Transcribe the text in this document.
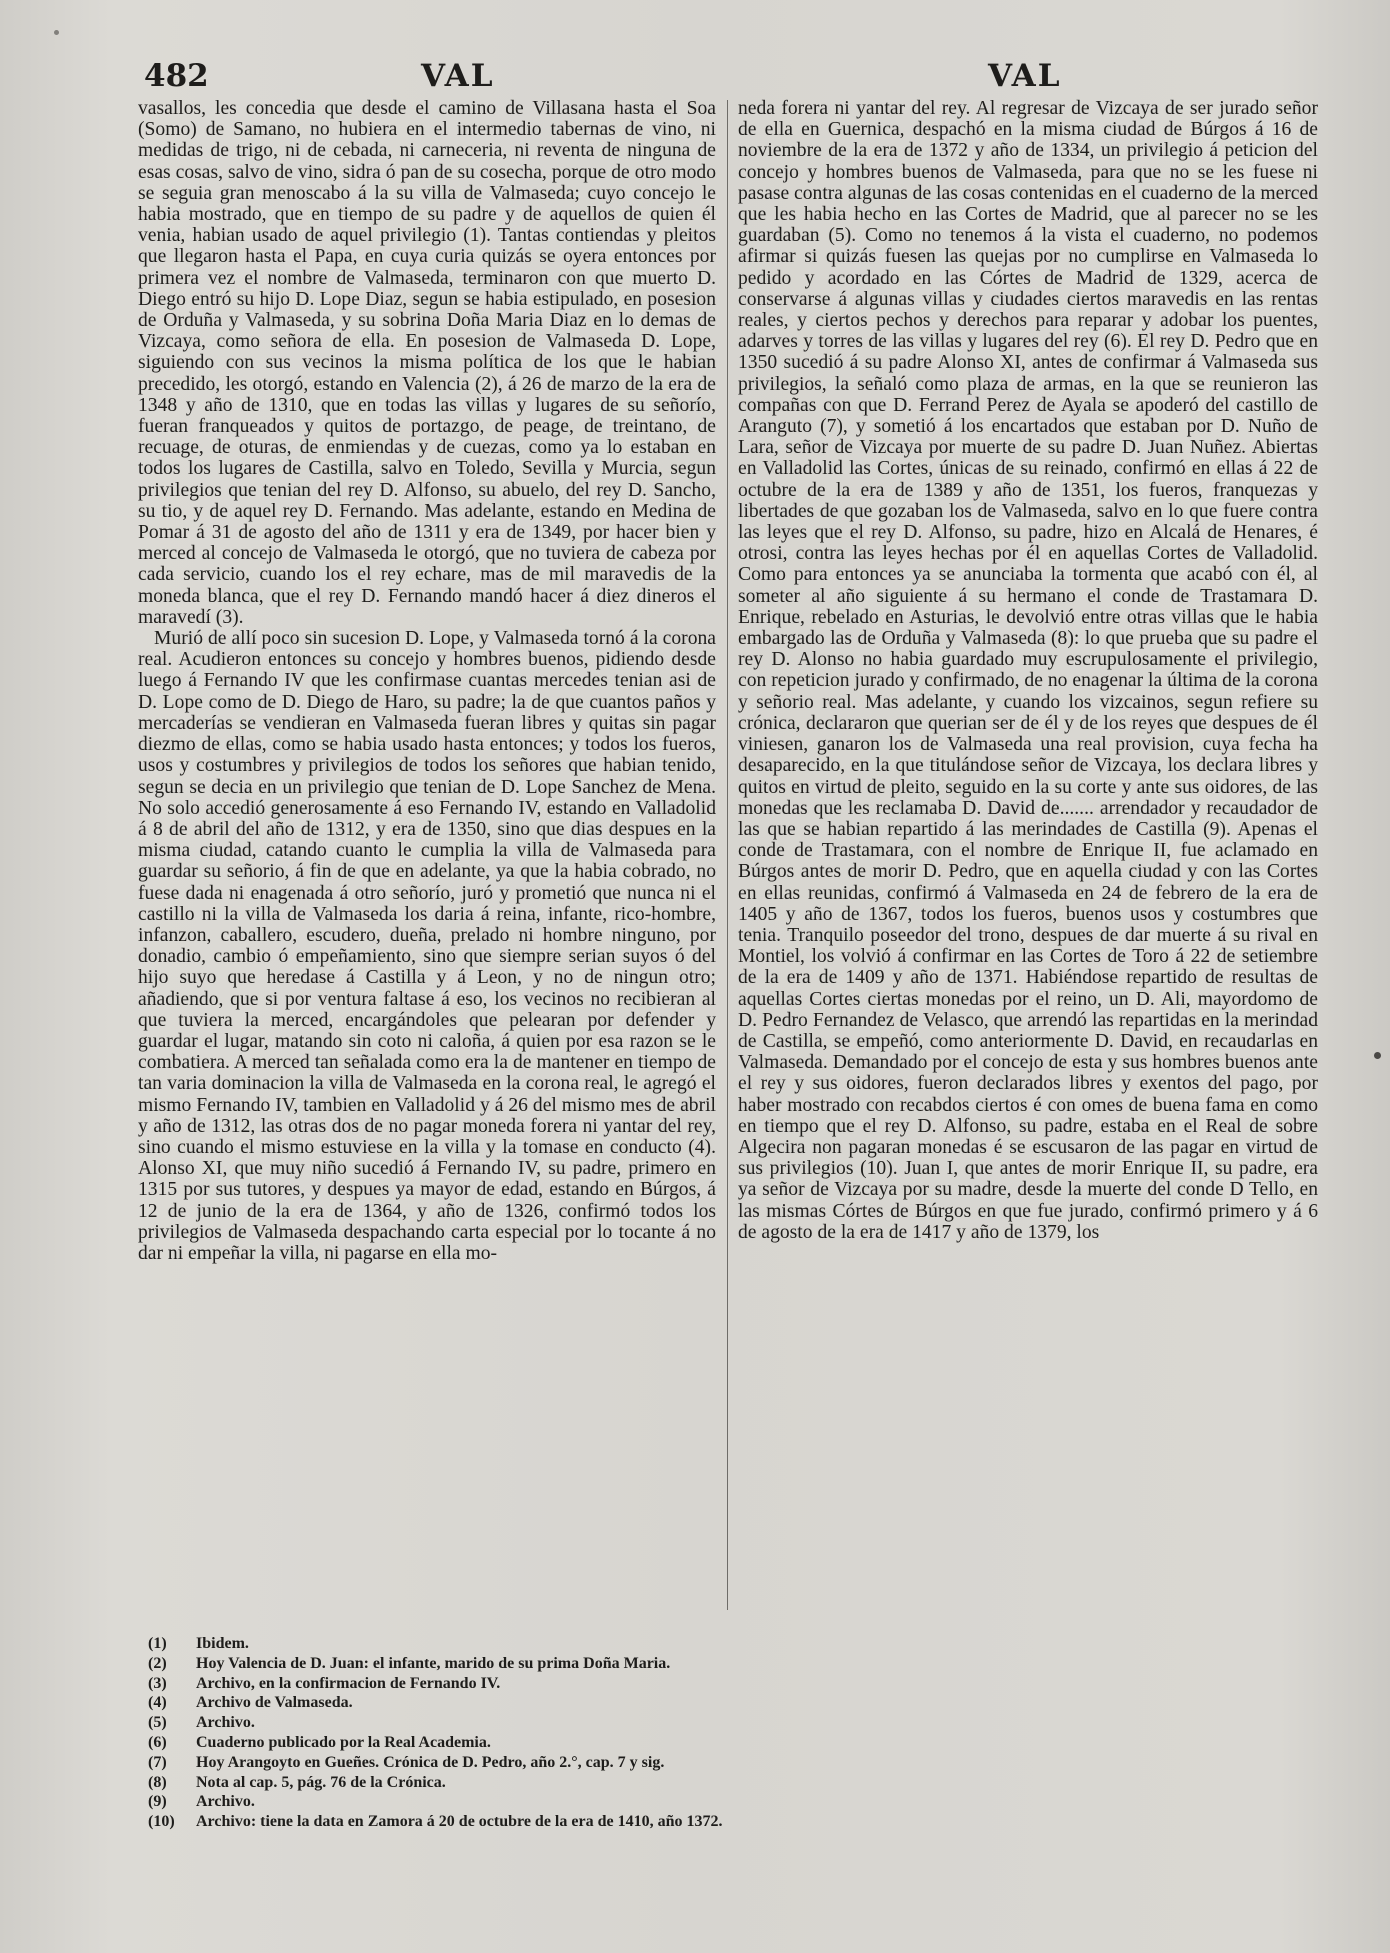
482	VAL	VAL

vasallos, les concedia que desde el camino de Villasana hasta el Soa (Somo) de Samano, no hubiera en el intermedio tabernas de vino, ni medidas de trigo, ni de cebada, ni carneceria, ni reventa de ninguna de esas cosas, salvo de vino, sidra ó pan de su cosecha, porque de otro modo se seguia gran menoscabo á la su villa de Valmaseda; cuyo concejo le habia mostrado, que en tiempo de su padre y de aquellos de quien él venia, habian usado de aquel privilegio (1). Tantas contiendas y pleitos que llegaron hasta el Papa, en cuya curia quizás se oyera entonces por primera vez el nombre de Valmaseda, terminaron con que muerto D. Diego entró su hijo D. Lope Diaz, segun se habia estipulado, en posesion de Orduña y Valmaseda, y su sobrina Doña Maria Diaz en lo demas de Vizcaya, como señora de ella. En posesion de Valmaseda D. Lope, siguiendo con sus vecinos la misma política de los que le habian precedido, les otorgó, estando en Valencia (2), á 26 de marzo de la era de 1348 y año de 1310, que en todas las villas y lugares de su señorío, fueran franqueados y quitos de portazgo, de peage, de treintano, de recuage, de oturas, de enmiendas y de cuezas, como ya lo estaban en todos los lugares de Castilla, salvo en Toledo, Sevilla y Murcia, segun privilegios que tenian del rey D. Alfonso, su abuelo, del rey D. Sancho, su tio, y de aquel rey D. Fernando. Mas adelante, estando en Medina de Pomar á 31 de agosto del año de 1311 y era de 1349, por hacer bien y merced al concejo de Valmaseda le otorgó, que no tuviera de cabeza por cada servicio, cuando los el rey echare, mas de mil maravedis de la moneda blanca, que el rey D. Fernando mandó hacer á diez dineros el maravedí (3).

Murió de allí poco sin sucesion D. Lope, y Valmaseda tornó á la corona real. Acudieron entonces su concejo y hombres buenos, pidiendo desde luego á Fernando IV que les confirmase cuantas mercedes tenian asi de D. Lope como de D. Diego de Haro, su padre; la de que cuantos paños y mercaderías se vendieran en Valmaseda fueran libres y quitas sin pagar diezmo de ellas, como se habia usado hasta entonces; y todos los fueros, usos y costumbres y privilegios de todos los señores que habian tenido, segun se decia en un privilegio que tenian de D. Lope Sanchez de Mena. No solo accedió generosamente á eso Fernando IV, estando en Valladolid á 8 de abril del año de 1312, y era de 1350, sino que dias despues en la misma ciudad, catando cuanto le cumplia la villa de Valmaseda para guardar su señorio, á fin de que en adelante, ya que la habia cobrado, no fuese dada ni enagenada á otro señorío, juró y prometió que nunca ni el castillo ni la villa de Valmaseda los daria á reina, infante, rico-hombre, infanzon, caballero, escudero, dueña, prelado ni hombre ninguno, por donadio, cambio ó empeñamiento, sino que siempre serian suyos ó del hijo suyo que heredase á Castilla y á Leon, y no de ningun otro; añadiendo, que si por ventura faltase á eso, los vecinos no recibieran al que tuviera la merced, encargándoles que pelearan por defender y guardar el lugar, matando sin coto ni caloña, á quien por esa razon se le combatiera. A merced tan señalada como era la de mantener en tiempo de tan varia dominacion la villa de Valmaseda en la corona real, le agregó el mismo Fernando IV, tambien en Valladolid y á 26 del mismo mes de abril y año de 1312, las otras dos de no pagar moneda forera ni yantar del rey, sino cuando el mismo estuviese en la villa y la tomase en conducto (4). Alonso XI, que muy niño sucedió á Fernando IV, su padre, primero en 1315 por sus tutores, y despues ya mayor de edad, estando en Búrgos, á 12 de junio de la era de 1364, y año de 1326, confirmó todos los privilegios de Valmaseda despachando carta especial por lo tocante á no dar ni empeñar la villa, ni pagarse en ella mo-

neda forera ni yantar del rey. Al regresar de Vizcaya de ser jurado señor de ella en Guernica, despachó en la misma ciudad de Búrgos á 16 de noviembre de la era de 1372 y año de 1334, un privilegio á peticion del concejo y hombres buenos de Valmaseda, para que no se les fuese ni pasase contra algunas de las cosas contenidas en el cuaderno de la merced que les habia hecho en las Cortes de Madrid, que al parecer no se les guardaban (5). Como no tenemos á la vista el cuaderno, no podemos afirmar si quizás fuesen las quejas por no cumplirse en Valmaseda lo pedido y acordado en las Córtes de Madrid de 1329, acerca de conservarse á algunas villas y ciudades ciertos maravedis en las rentas reales, y ciertos pechos y derechos para reparar y adobar los puentes, adarves y torres de las villas y lugares del rey (6). El rey D. Pedro que en 1350 sucedió á su padre Alonso XI, antes de confirmar á Valmaseda sus privilegios, la señaló como plaza de armas, en la que se reunieron las compañas con que D. Ferrand Perez de Ayala se apoderó del castillo de Aranguto (7), y sometió á los encartados que estaban por D. Nuño de Lara, señor de Vizcaya por muerte de su padre D. Juan Nuñez. Abiertas en Valladolid las Cortes, únicas de su reinado, confirmó en ellas á 22 de octubre de la era de 1389 y año de 1351, los fueros, franquezas y libertades de que gozaban los de Valmaseda, salvo en lo que fuere contra las leyes que el rey D. Alfonso, su padre, hizo en Alcalá de Henares, é otrosi, contra las leyes hechas por él en aquellas Cortes de Valladolid. Como para entonces ya se anunciaba la tormenta que acabó con él, al someter al año siguiente á su hermano el conde de Trastamara D. Enrique, rebelado en Asturias, le devolvió entre otras villas que le habia embargado las de Orduña y Valmaseda (8): lo que prueba que su padre el rey D. Alonso no habia guardado muy escrupulosamente el privilegio, con repeticion jurado y confirmado, de no enagenar la última de la corona y señorio real. Mas adelante, y cuando los vizcainos, segun refiere su crónica, declararon que querian ser de él y de los reyes que despues de él viniesen, ganaron los de Valmaseda una real provision, cuya fecha ha desaparecido, en la que titulándose señor de Vizcaya, los declara libres y quitos en virtud de pleito, seguido en la su corte y ante sus oidores, de las monedas que les reclamaba D. David de....... arrendador y recaudador de las que se habian repartido á las merindades de Castilla (9). Apenas el conde de Trastamara, con el nombre de Enrique II, fue aclamado en Búrgos antes de morir D. Pedro, que en aquella ciudad y con las Cortes en ellas reunidas, confirmó á Valmaseda en 24 de febrero de la era de 1405 y año de 1367, todos los fueros, buenos usos y costumbres que tenia. Tranquilo poseedor del trono, despues de dar muerte á su rival en Montiel, los volvió á confirmar en las Cortes de Toro á 22 de setiembre de la era de 1409 y año de 1371. Habiéndose repartido de resultas de aquellas Cortes ciertas monedas por el reino, un D. Ali, mayordomo de D. Pedro Fernandez de Velasco, que arrendó las repartidas en la merindad de Castilla, se empeñó, como anteriormente D. David, en recaudarlas en Valmaseda. Demandado por el concejo de esta y sus hombres buenos ante el rey y sus oidores, fueron declarados libres y exentos del pago, por haber mostrado con recabdos ciertos é con omes de buena fama en como en tiempo que el rey D. Alfonso, su padre, estaba en el Real de sobre Algecira non pagaran monedas é se escusaron de las pagar en virtud de sus privilegios (10). Juan I, que antes de morir Enrique II, su padre, era ya señor de Vizcaya por su madre, desde la muerte del conde D Tello, en las mismas Córtes de Búrgos en que fue jurado, confirmó primero y á 6 de agosto de la era de 1417 y año de 1379, los

(1)	Ibidem.
(2)	Hoy Valencia de D. Juan: el infante, marido de su prima Doña Maria.
(3)	Archivo, en la confirmacion de Fernando IV.
(4)	Archivo de Valmaseda.
(5)	Archivo.
(6)	Cuaderno publicado por la Real Academia.
(7)	Hoy Arangoyto en Gueñes. Crónica de D. Pedro, año 2.°, cap. 7 y sig.
(8)	Nota al cap. 5, pág. 76 de la Crónica.
(9)	Archivo.
(10)	Archivo: tiene la data en Zamora á 20 de octubre de la era de 1410, año 1372.
